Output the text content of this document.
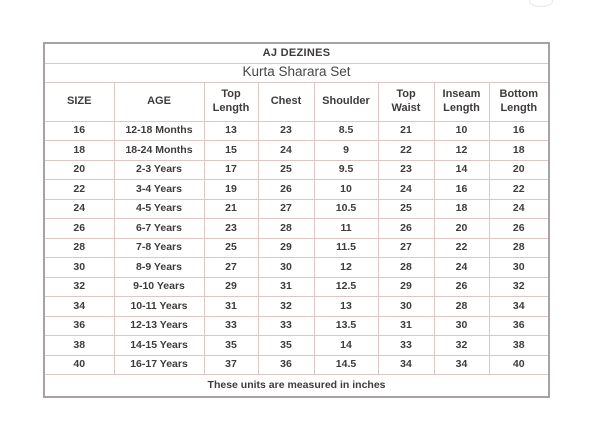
AJ DEZINES							
Kurta Sharara Set							
SIZE	AGE	Top Length	Chest	Shoulder	Top Waist	Inseam Length	Bottom Length
16	12-18 Months	13	23	8.5	21	10	16
18	18-24 Months	15	24	9	22	12	18
20	2-3 Years	17	25	9.5	23	14	20
22	3-4 Years	19	26	10	24	16	22
24	4-5 Years	21	27	10.5	25	18	24
26	6-7 Years	23	28	11	26	20	26
28	7-8 Years	25	29	11.5	27	22	28
30	8-9 Years	27	30	12	28	24	30
32	9-10 Years	29	31	12.5	29	26	32
34	10-11 Years	31	32	13	30	28	34
36	12-13 Years	33	33	13.5	31	30	36
38	14-15 Years	35	35	14	33	32	38
40	16-17 Years	37	36	14.5	34	34	40
These units are measured in inches							
